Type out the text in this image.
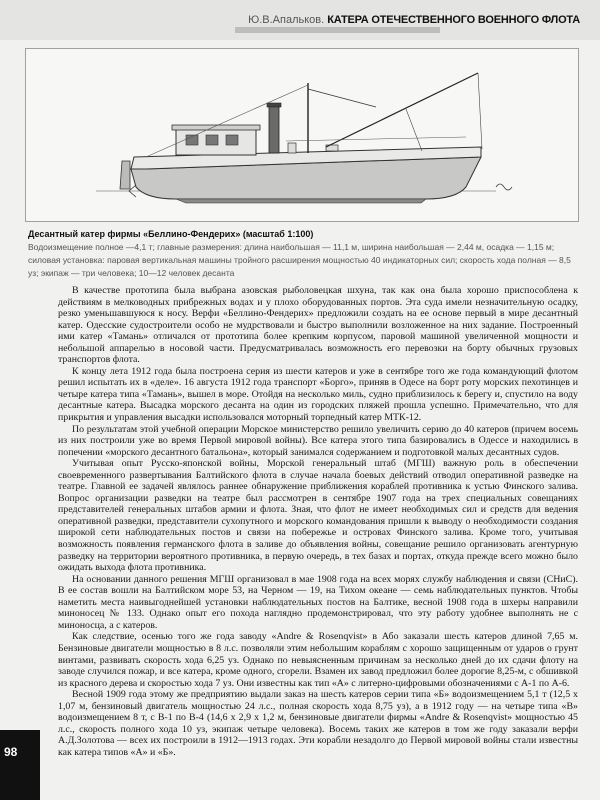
Ю.В.Апальков. КАТЕРА ОТЕЧЕСТВЕННОГО ВОЕННОГО ФЛОТА
Десантный катер фирмы «Беллино-Фендерих» (масштаб 1:100)
Водоизмещение полное —4,1 т; главные размерения: длина наибольшая — 11,1 м, ширина наибольшая — 2,44 м, осадка — 1,15 м; силовая установка: паровая вертикальная машины тройного расширения мощностью 40 индикаторных сил; скорость хода полная — 8,5 уз; экипаж — три человека; 10—12 человек десанта

В качестве прототипа была выбрана азовская рыболовецкая шхуна, так как она была хорошо приспособлена к действиям в мелководных прибрежных водах и у плохо оборудованных портов. Эта суда имели незначительную осадку, резко уменьшавшуюся к носу. Верфи «Беллино-Фендерих» предложили создать на ее основе первый в мире десантный катер. Одесские судостроители особо не мудрствовали и быстро выполнили возложенное на них задание. Построенный ими катер «Тамань» отличался от прототипа более крепким корпусом, паровой машиной увеличенной мощности и небольшой аппарелью в носовой части. Предусматривалась возможность его перевозки на борту обычных грузовых транспортов флота.

К концу лета 1912 года была построена серия из шести катеров и уже в сентябре того же года командующий флотом решил испытать их в «деле». 16 августа 1912 года транспорт «Борго», приняв в Одесе на борт роту морских пехотинцев и четыре катера типа «Тамань», вышел в море. Отойдя на несколько миль, судно приблизилось к берегу и, спустило на воду десантные катера. Высадка морского десанта на один из городских пляжей прошла успешно. Примечательно, что для прикрытия и управления высадки использовался моторный торпедный катер МТК-12.

По результатам этой учебной операции Морское министерство решило увеличить серию до 40 катеров (причем восемь из них построили уже во время Первой мировой войны). Все катера этого типа базировались в Одессе и находились в попечении «морского десантного батальона», который занимался содержанием и подготовкой малых десантных судов.

Учитывая опыт Русско-японской войны, Морской генеральный штаб (МГШ) важную роль в обеспечении своевременного развертывания Балтийского флота в случае начала боевых действий отводил оперативной разведке на театре. Главной ее задачей являлось раннее обнаружение приближения кораблей противника к устью Финского залива. Вопрос организации разведки на театре был рассмотрен в сентябре 1907 года на трех специальных совещаниях представителей генеральных штабов армии и флота. Зная, что флот не имеет необходимых сил и средств для ведения оперативной разведки, представители сухопутного и морского командования пришли к выводу о необходимости создания широкой сети наблюдательных постов и связи на побережье и островах Финского залива. Кроме того, учитывая возможность появления германского флота в заливе до объявления войны, совещание решило организовать агентурную разведку на территории вероятного противника, в первую очередь, в тех базах и портах, откуда прежде всего можно было ожидать выхода флота противника.

На основании данного решения МГШ организовал в мае 1908 года на всех морях службу наблюдения и связи (СНиС). В ее состав вошли на Балтийском море 53, на Черном — 19, на Тихом океане — семь наблюдательных пунктов. Чтобы наметить места наивыгоднейшей установки наблюдательных постов на Балтике, весной 1908 года в шхеры направили миноносец № 133. Однако опыт его похода наглядно продемонстрировал, что эту работу удобнее выполнять не с миноносца, а с катеров.

Как следствие, осенью того же года заводу «Andre & Rosenqvist» в Або заказали шесть катеров длиной 7,65 м. Бензиновые двигатели мощностью в 8 л.с. позволяли этим небольшим кораблям с хорошо защищенным от ударов о грунт винтами, развивать скорость хода 6,25 уз. Однако по невыясненным причинам за несколько дней до их сдачи флоту на заводе случился пожар, и все катера, кроме одного, сгорели. Взамен их завод предложил более дорогие 8,25-м, с обшивкой из красного дерева и скоростью хода 7 уз. Они известны как тип «А» с литерно-цифровыми обозначениями с А-1 по А-6.

Весной 1909 года этому же предприятию выдали заказ на шесть катеров серии типа «Б» водоизмещением 5,1 т (12,5 х 1,07 м, бензиновый двигатель мощностью 24 л.с., полная скорость хода 8,75 уз), а в 1912 году — на четыре типа «В» водоизмещением 8 т, с В-1 по В-4 (14,6 х 2,9 х 1,2 м, бензиновые двигатели фирмы «Andre & Rosenqvist» мощностью 45 л.с., скорость полного хода 10 уз, экипаж четыре человека). Восемь таких же катеров в том же году заказали верфи А.Д.Золотова — всех их построили в 1912—1913 годах. Эти корабли незадолго до Первой мировой войны стали известны как катера типов «А» и «Б».

98
